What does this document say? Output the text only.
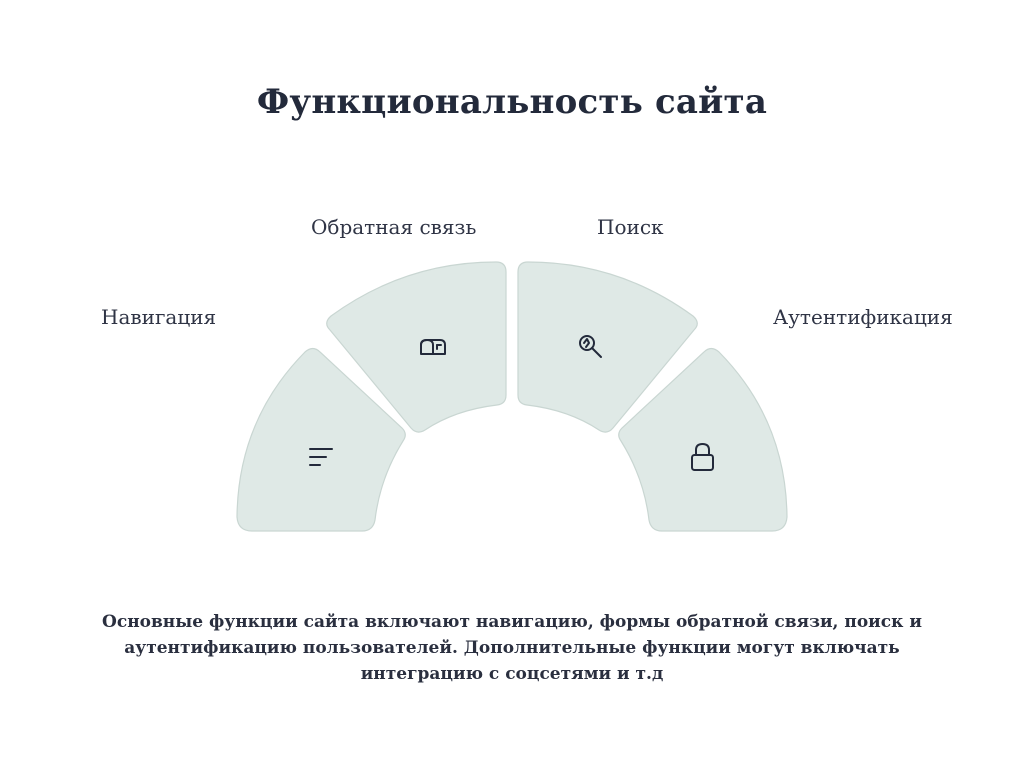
Функциональность сайта
Навигация
Обратная связь	Поиск
Аутентификация
Основные функции сайта включают навигацию, формы обратной связи, поиск и аутентификацию пользователей. Дополнительные функции могут включать интеграцию с соцсетями и т.д
